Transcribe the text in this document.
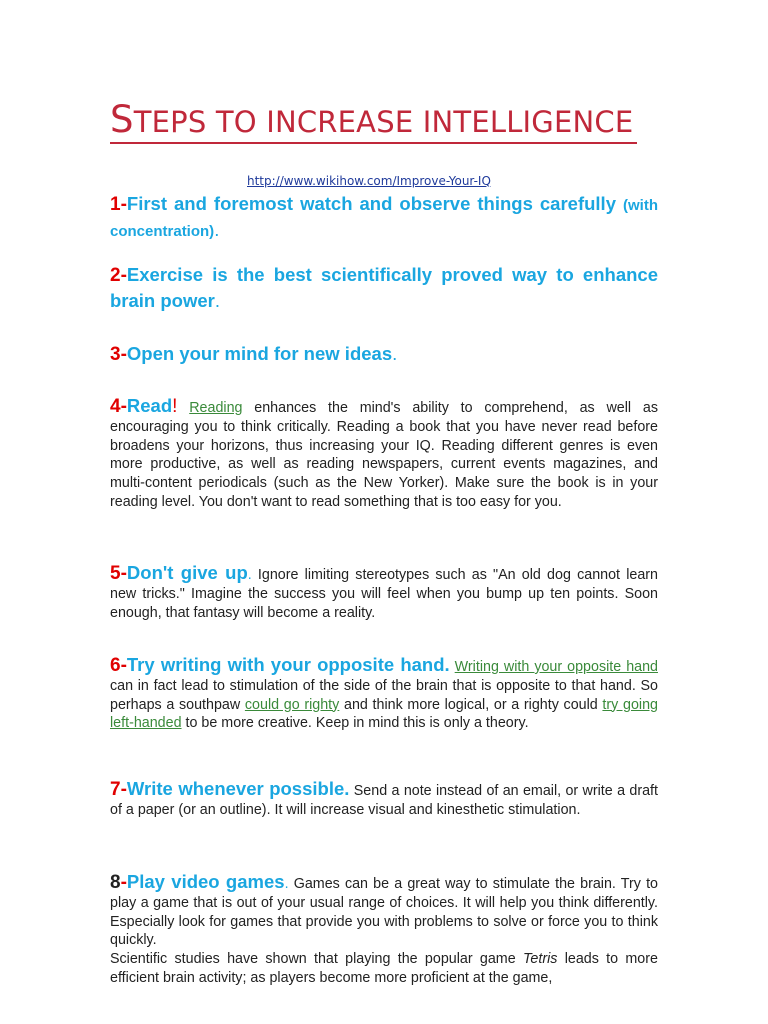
STEPS TO INCREASE INTELLIGENCE
http://www.wikihow.com/Improve-Your-IQ
1-First and foremost watch and observe things carefully (with concentration).
2-Exercise is the best scientifically proved way to enhance brain power.
3-Open your mind for new ideas.
4-Read! Reading enhances the mind's ability to comprehend, as well as encouraging you to think critically. Reading a book that you have never read before broadens your horizons, thus increasing your IQ. Reading different genres is even more productive, as well as reading newspapers, current events magazines, and multi-content periodicals (such as the New Yorker). Make sure the book is in your reading level. You don't want to read something that is too easy for you.
5-Don't give up. Ignore limiting stereotypes such as "An old dog cannot learn new tricks." Imagine the success you will feel when you bump up ten points. Soon enough, that fantasy will become a reality.
6-Try writing with your opposite hand. Writing with your opposite hand can in fact lead to stimulation of the side of the brain that is opposite to that hand. So perhaps a southpaw could go righty and think more logical, or a righty could try going left-handed to be more creative. Keep in mind this is only a theory.
7-Write whenever possible. Send a note instead of an email, or write a draft of a paper (or an outline). It will increase visual and kinesthetic stimulation.
8-Play video games. Games can be a great way to stimulate the brain. Try to play a game that is out of your usual range of choices. It will help you think differently. Especially look for games that provide you with problems to solve or force you to think quickly.
Scientific studies have shown that playing the popular game Tetris leads to more efficient brain activity; as players become more proficient at the game,
